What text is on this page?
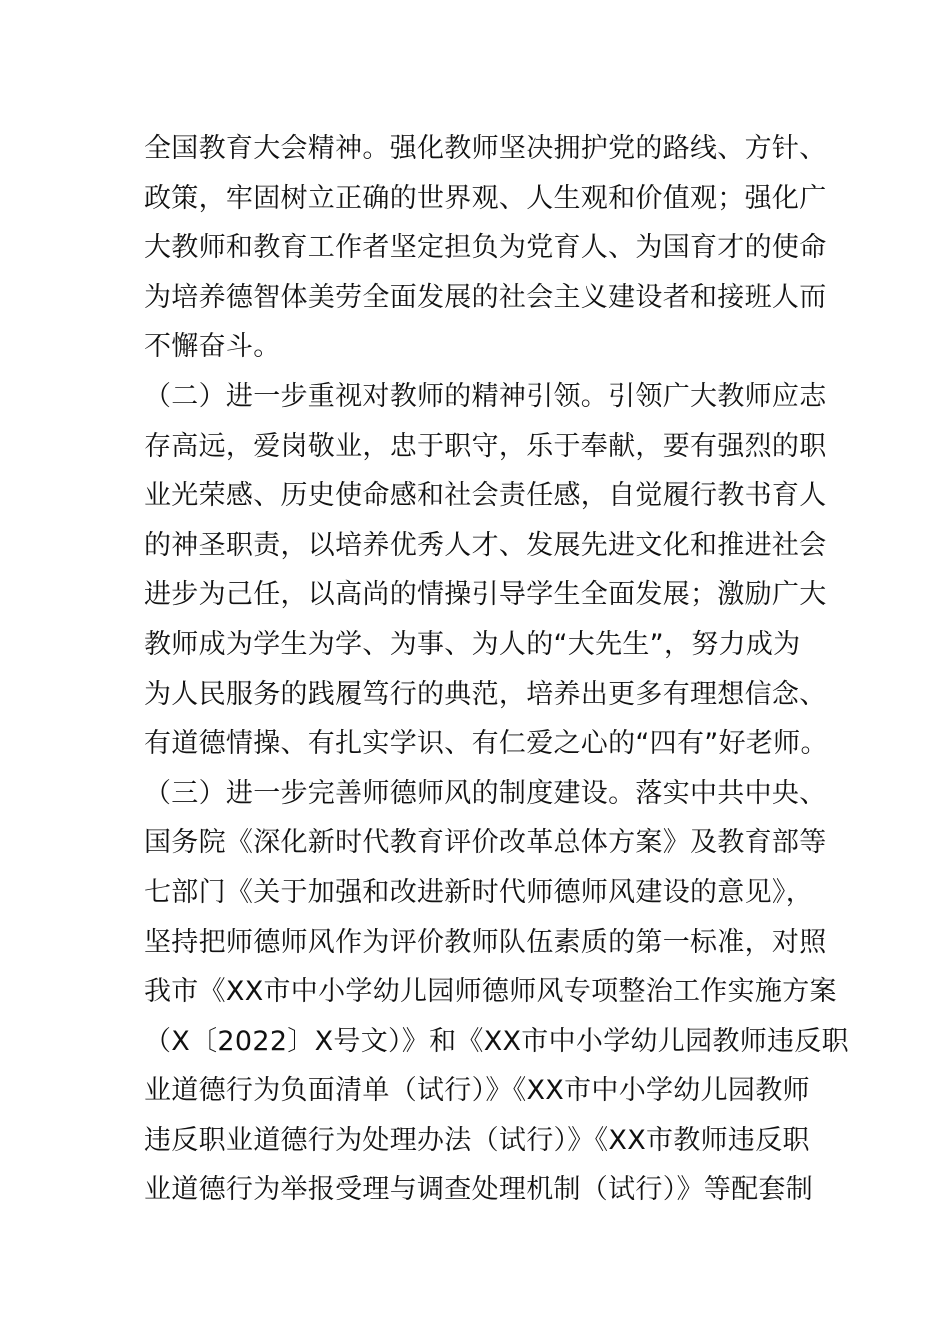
全国教育大会精神。强化教师坚决拥护党的路线、方针、
政策，牢固树立正确的世界观、人生观和价值观；强化广
大教师和教育工作者坚定担负为党育人、为国育才的使命
为培养德智体美劳全面发展的社会主义建设者和接班人而
不懈奋斗。
（二）进一步重视对教师的精神引领。引领广大教师应志
存高远，爱岗敬业，忠于职守，乐于奉献，要有强烈的职
业光荣感、历史使命感和社会责任感，自觉履行教书育人
的神圣职责，以培养优秀人才、发展先进文化和推进社会
进步为己任，以高尚的情操引导学生全面发展；激励广大
教师成为学生为学、为事、为人的“大先生”，努力成为
为人民服务的践履笃行的典范，培养出更多有理想信念、
有道德情操、有扎实学识、有仁爱之心的“四有”好老师。
（三）进一步完善师德师风的制度建设。落实中共中央、
国务院《深化新时代教育评价改革总体方案》及教育部等
七部门《关于加强和改进新时代师德师风建设的意见》，
坚持把师德师风作为评价教师队伍素质的第一标准，对照
我市《XX市中小学幼儿园师德师风专项整治工作实施方案
（X〔2022〕X号文）》和《XX市中小学幼儿园教师违反职
业道德行为负面清单（试行）》《XX市中小学幼儿园教师
违反职业道德行为处理办法（试行）》《XX市教师违反职
业道德行为举报受理与调查处理机制（试行）》等配套制
